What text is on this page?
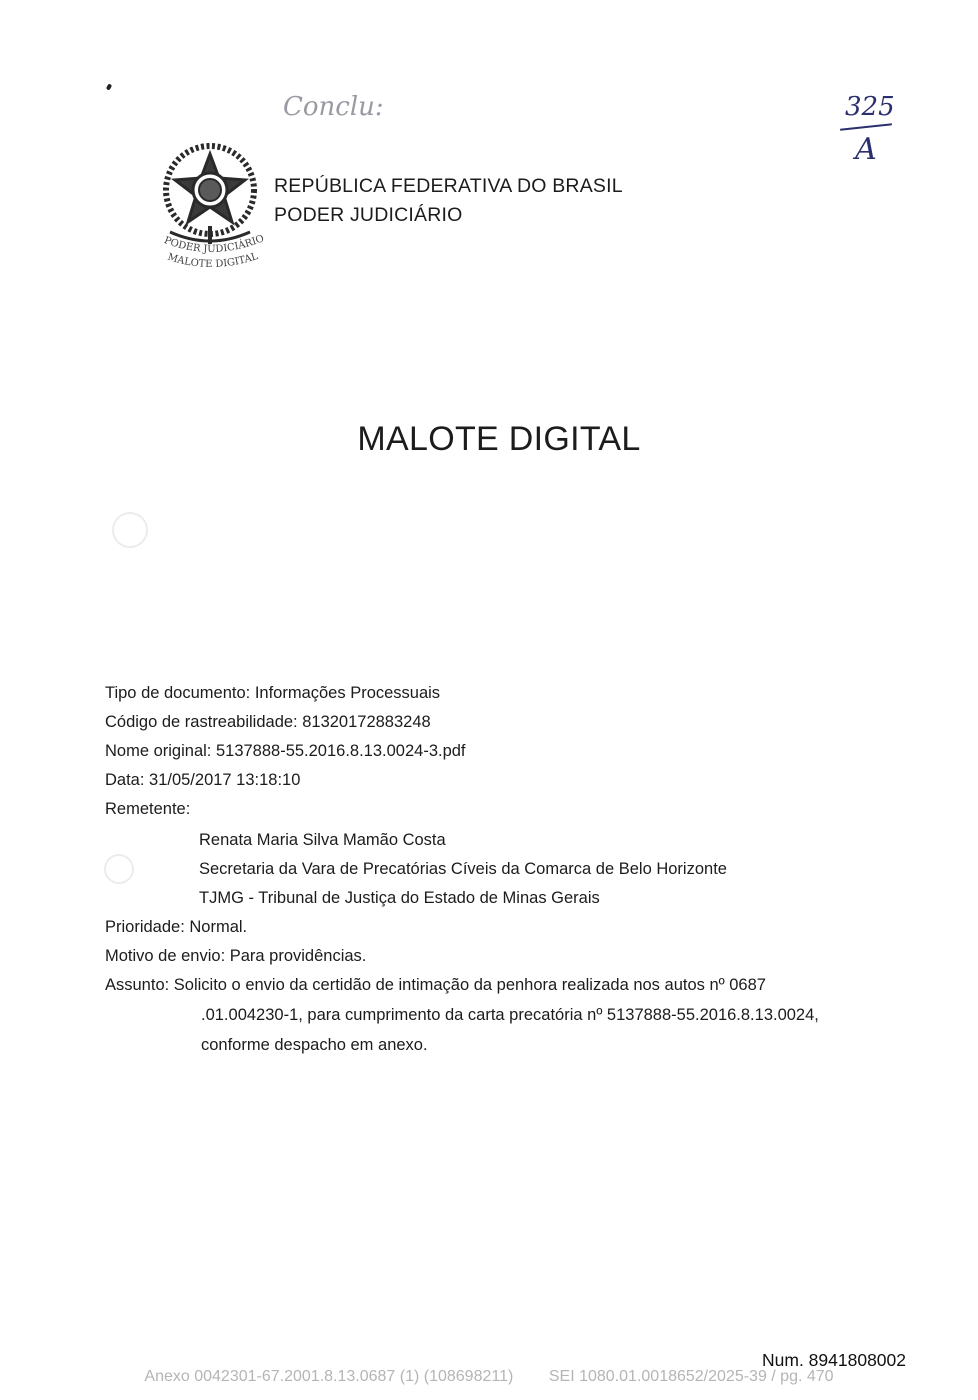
Conclu:	325
A
PODER JUDICIÁRIO
MALOTE DIGITAL
REPÚBLICA FEDERATIVA DO BRASIL
PODER JUDICIÁRIO
MALOTE DIGITAL
Tipo de documento: Informações Processuais
Código de rastreabilidade: 81320172883248
Nome original: 5137888-55.2016.8.13.0024-3.pdf
Data: 31/05/2017 13:18:10
Remetente:
Renata Maria Silva Mamão Costa
Secretaria da Vara de Precatórias Cíveis da Comarca de Belo Horizonte
TJMG - Tribunal de Justiça do Estado de Minas Gerais
Prioridade: Normal.
Motivo de envio: Para providências.
Assunto: Solicito o envio da certidão de intimação da penhora realizada nos autos nº 0687
.01.004230-1, para cumprimento da carta precatória nº 5137888-55.2016.8.13.0024,
conforme despacho em anexo.
Num. 8941808002
Anexo 0042301-67.2001.8.13.0687 (1) (108698211)        SEI 1080.01.0018652/2025-39 / pg. 470
